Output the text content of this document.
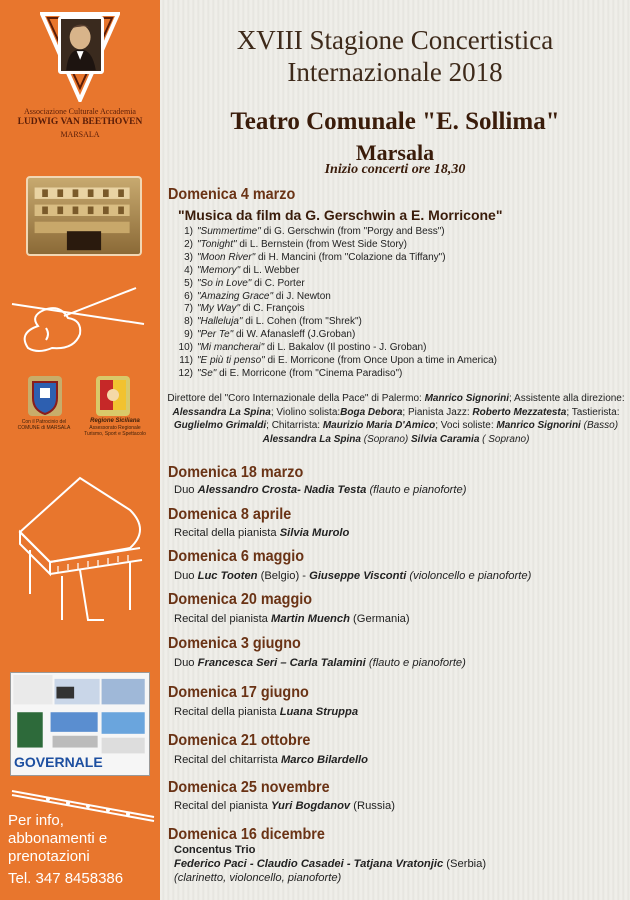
Associazione Culturale Accademia
LUDWIG VAN BEETHOVEN
MARSALA
Con il Patrocinio del COMUNE di MARSALA
Regione Siciliana
Assessorato Regionale Turismo, Sport e Spettacolo
GOVERNALE
Per info,
abbonamenti e
prenotazioni
Tel. 347 8458386
XVIII Stagione Concertistica
Internazionale 2018
Teatro Comunale "E. Sollima"
Marsala
Inizio concerti ore 18,30
Domenica 4 marzo
"Musica da film da G. Gerschwin a E. Morricone"
1) "Summertime" di G. Gerschwin (from "Porgy and Bess")
2) "Tonight" di L. Bernstein (from West Side Story)
3) "Moon River" di H. Mancini (from "Colazione da Tiffany")
4) "Memory" di L. Webber
5) "So in Love" di C. Porter
6) "Amazing Grace" di J. Newton
7) "My Way" di C. François
8) "Halleluja" di L. Cohen (from "Shrek")
9) "Per Te" di W. Afanasleff (J.Groban)
10) "Mi mancherai" di L. Bakalov (Il postino - J. Groban)
11) "E più ti penso" di E. Morricone (from Once Upon a time in America)
12) "Se" di E. Morricone (from "Cinema Paradiso")
Direttore del "Coro Internazionale della Pace" di Palermo: Manrico Signorini; Assistente alla direzione: Alessandra La Spina; Violino solista:Boga Debora; Pianista Jazz: Roberto Mezzatesta; Tastierista: Guglielmo Grimaldi; Chitarrista: Maurizio Maria D'Amico; Voci soliste: Manrico Signorini (Basso)
Alessandra La Spina (Soprano) Silvia Caramia ( Soprano)
Domenica 18 marzo
Duo Alessandro Crosta- Nadia Testa (flauto e pianoforte)
Domenica 8 aprile
Recital della pianista Silvia Murolo
Domenica 6 maggio
Duo Luc Tooten (Belgio) - Giuseppe Visconti (violoncello e pianoforte)
Domenica 20 maggio
Recital del pianista Martin Muench (Germania)
Domenica 3 giugno
Duo Francesca Seri – Carla Talamini (flauto e pianoforte)
Domenica 17 giugno
Recital della pianista Luana Struppa
Domenica 21 ottobre
Recital del chitarrista Marco Bilardello
Domenica 25 novembre
Recital del pianista Yuri Bogdanov (Russia)
Domenica 16 dicembre
Concentus Trio
Federico Paci - Claudio Casadei - Tatjana Vratonjic (Serbia)
(clarinetto, violoncello, pianoforte)
